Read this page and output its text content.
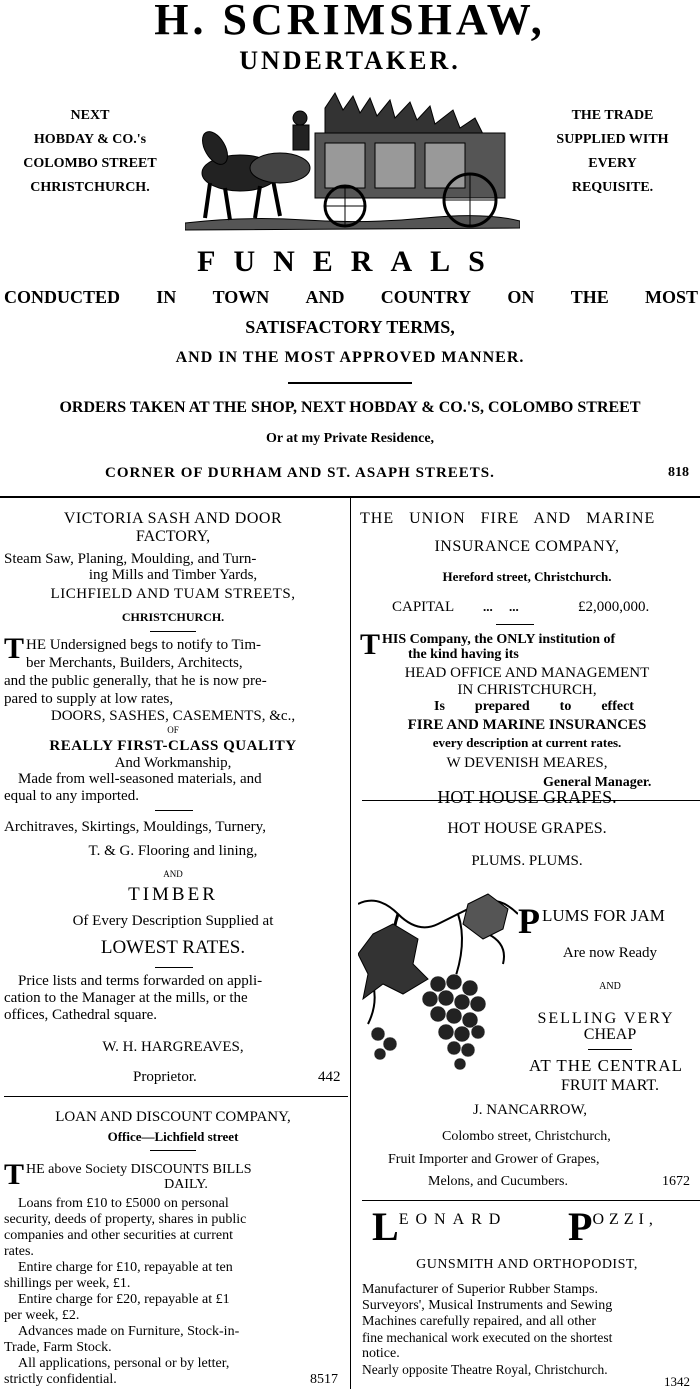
H. SCRIMSHAW,
UNDERTAKER.
NEXT
HOBDAY & CO.'s
COLOMBO STREET
CHRISTCHURCH.
THE TRADE
SUPPLIED WITH
EVERY
REQUISITE.
FUNERALS
CONDUCTED IN TOWN AND COUNTRY ON THE MOST
SATISFACTORY TERMS,
AND IN THE MOST APPROVED MANNER.
ORDERS TAKEN AT THE SHOP, NEXT HOBDAY & CO.'S, COLOMBO STREET
Or at my Private Residence,
CORNER OF DURHAM AND ST. ASAPH STREETS.	818
VICTORIA SASH AND DOOR
FACTORY,
Steam Saw, Planing, Moulding, and Turn-
ing Mills and Timber Yards,
LICHFIELD AND TUAM STREETS,
CHRISTCHURCH.
T HE Undersigned begs to notify to Tim-
ber Merchants, Builders, Architects,
and the public generally, that he is now pre-
pared to supply at low rates,
DOORS, SASHES, CASEMENTS, &c.,
OF
REALLY FIRST-CLASS QUALITY
And Workmanship,
Made from well-seasoned materials, and
equal to any imported.
Architraves, Skirtings, Mouldings, Turnery,
T. & G. Flooring and lining,
AND
TIMBER
Of Every Description Supplied at
LOWEST RATES.
Price lists and terms forwarded on appli-
cation to the Manager at the mills, or the
offices, Cathedral square.
W. H. HARGREAVES,
Proprietor.	442
LOAN AND DISCOUNT COMPANY,
Office—Lichfield street
T HE above Society DISCOUNTS BILLS
DAILY.
Loans from £10 to £5000 on personal
security, deeds of property, shares in public
companies and other securities at current
rates.
Entire charge for £10, repayable at ten
shillings per week, £1.
Entire charge for £20, repayable at £1
per week, £2.
Advances made on Furniture, Stock-in-
Trade, Farm Stock.
All applications, personal or by letter,
strictly confidential.	8517
THE UNION FIRE AND MARINE
INSURANCE COMPANY,
Hereford street, Christchurch.
CAPITAL ...     ...	£2,000,000.
T HIS Company, the ONLY institution of
the kind having its
HEAD OFFICE AND MANAGEMENT
IN CHRISTCHURCH,
Is prepared to effect
FIRE AND MARINE INSURANCES
every description at current rates.
W DEVENISH MEARES,
General Manager.
HOT HOUSE GRAPES.
HOT HOUSE GRAPES.
PLUMS. PLUMS.
P LUMS FOR JAM
Are now Ready
AND
SELLING VERY
CHEAP
AT THE CENTRAL
FRUIT MART.
J. NANCARROW,
Colombo street, Christchurch,
Fruit Importer and Grower of Grapes,
Melons, and Cucumbers.	1672
LEONARD POZZI,
GUNSMITH AND ORTHOPODIST,
Manufacturer of Superior Rubber Stamps.
Surveyors', Musical Instruments and Sewing
Machines carefully repaired, and all other
fine mechanical work executed on the shortest
notice.
Nearly opposite Theatre Royal, Christchurch.
1342
